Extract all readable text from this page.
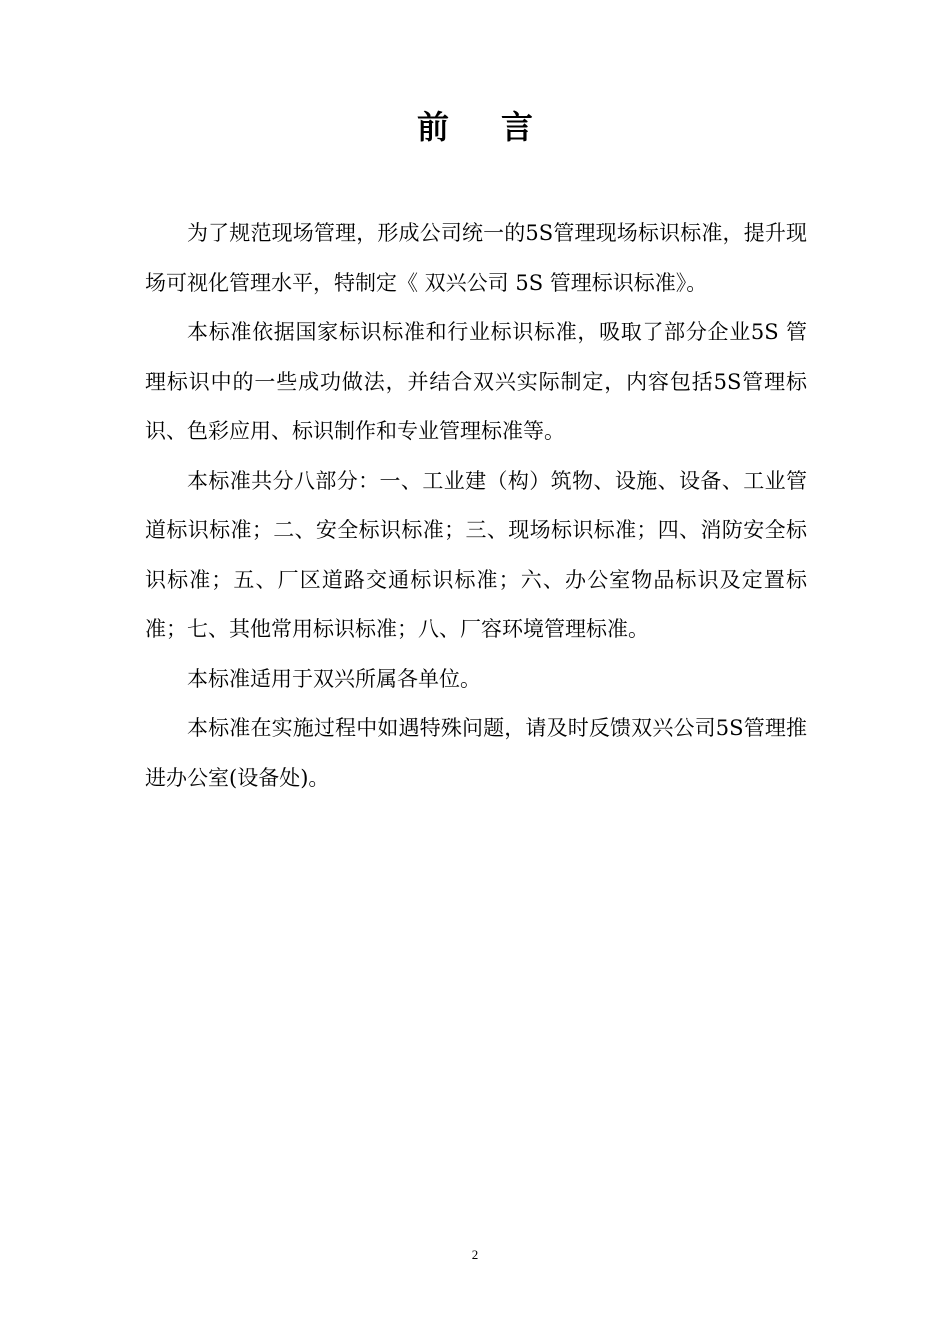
前言

为了规范现场管理，形成公司统一的5S管理现场标识标准，提升现场可视化管理水平，特制定《 双兴公司 5S 管理标识标准》。

本标准依据国家标识标准和行业标识标准，吸取了部分企业5S 管理标识中的一些成功做法，并结合双兴实际制定，内容包括5S管理标识、色彩应用、标识制作和专业管理标准等。

本标准共分八部分：一、工业建（构）筑物、设施、设备、工业管道标识标准；二、安全标识标准；三、现场标识标准；四、消防安全标识标准；五、厂区道路交通标识标准；六、办公室物品标识及定置标准；七、其他常用标识标准；八、厂容环境管理标准。

本标准适用于双兴所属各单位。

本标准在实施过程中如遇特殊问题，请及时反馈双兴公司5S管理推进办公室(设备处)。

2
